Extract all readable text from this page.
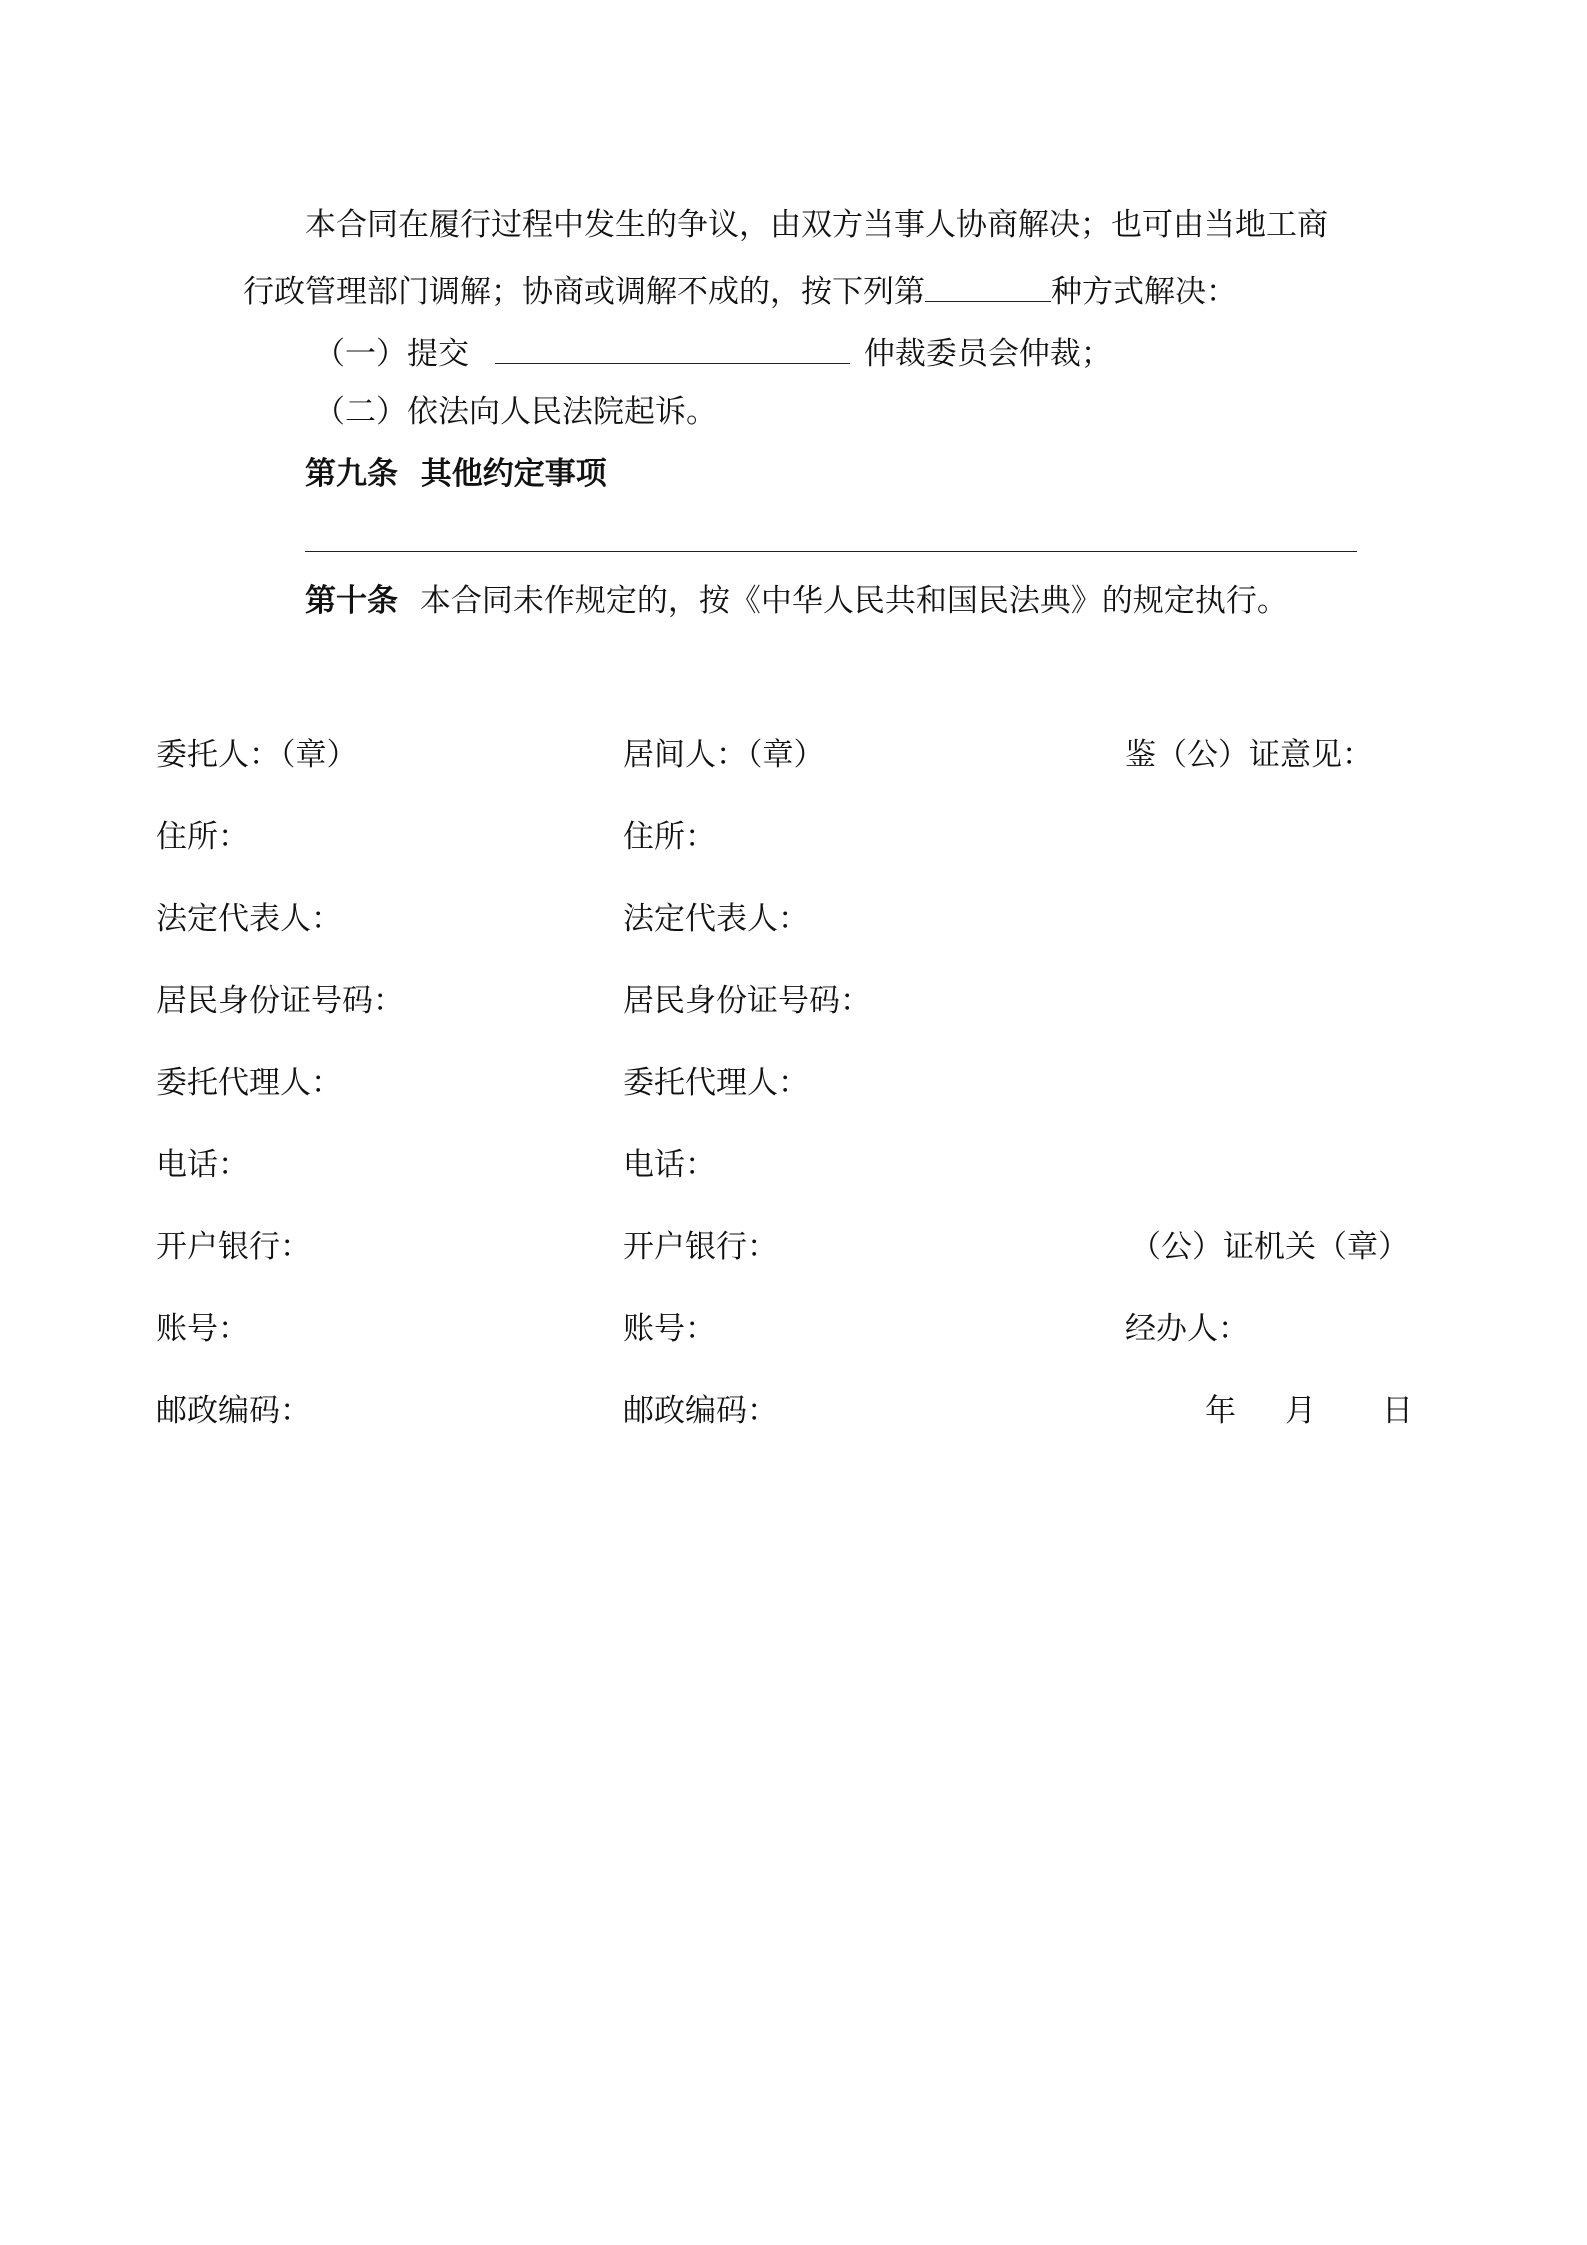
本合同在履行过程中发生的争议，由双方当事人协商解决；也可由当地工商
行政管理部门调解；协商或调解不成的，按下列第	种方式解决：
（一）提交	仲裁委员会仲裁；
（二）依法向人民法院起诉。
第九条 其他约定事项
第十条 本合同未作规定的，按《中华人民共和国民法典》的规定执行。
委托人：（章）
住所：
法定代表人：
居民身份证号码：
委托代理人：
电话：
开户银行：
账号：
邮政编码：
居间人：（章）
住所：
法定代表人：
居民身份证号码：
委托代理人：
电话：
开户银行：
账号：
邮政编码：
鉴（公）证意见：
（公）证机关（章）
经办人：
年 月 日
